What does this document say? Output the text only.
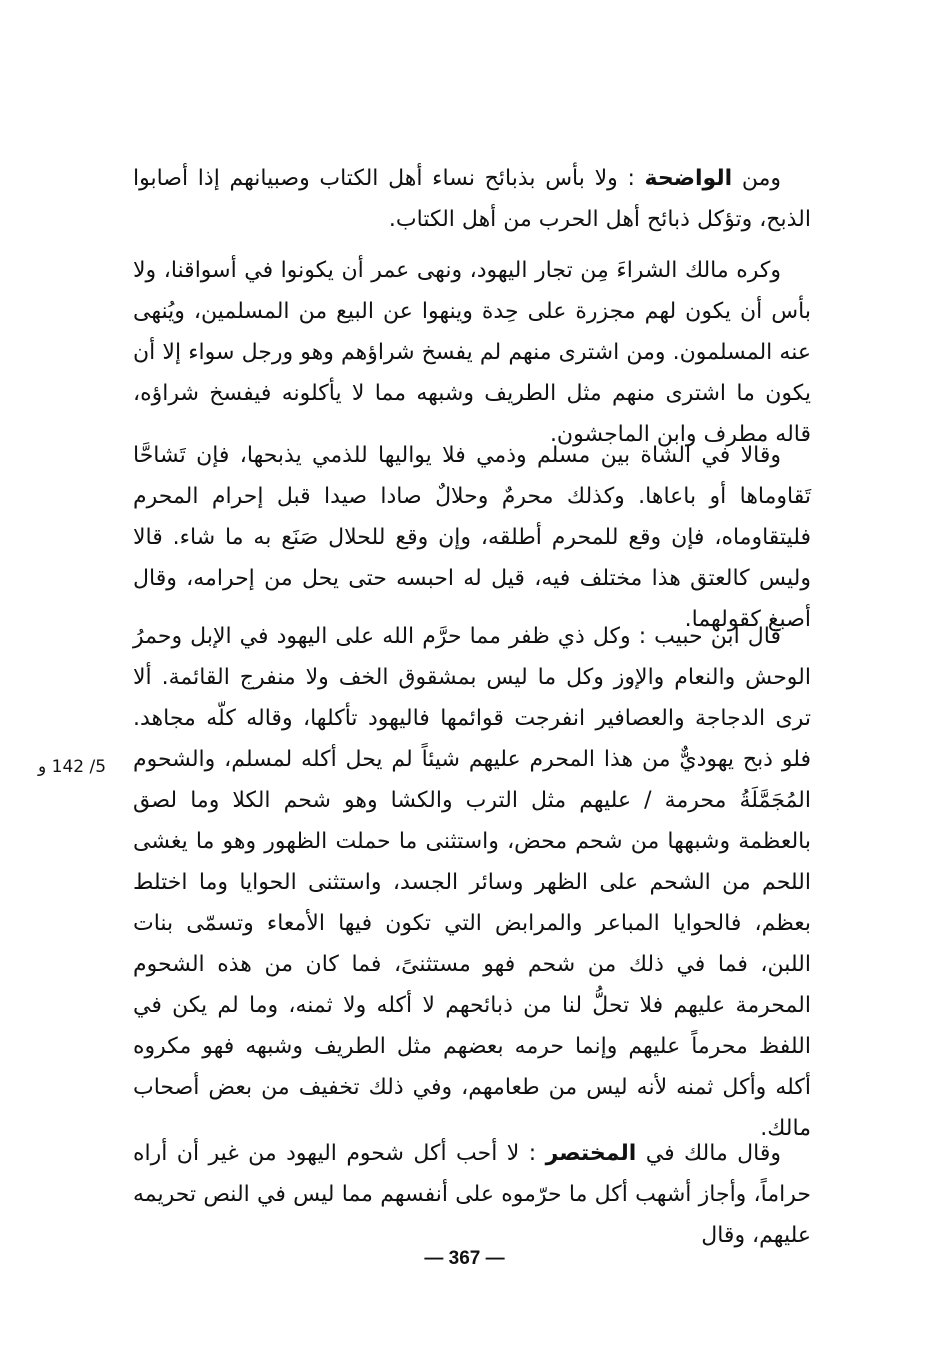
ومن الواضحة : ولا بأس بذبائح نساء أهل الكتاب وصبيانهم إذا أصابوا الذبح، وتؤكل ذبائح أهل الحرب من أهل الكتاب.

وكره مالك الشراءَ مِن تجار اليهود، ونهى عمر أن يكونوا في أسواقنا، ولا بأس أن يكون لهم مجزرة على حِدة وينهوا عن البيع من المسلمين، ويُنهى عنه المسلمون. ومن اشترى منهم لم يفسخ شراؤهم وهو ورجل سواء إلا أن يكون ما اشترى منهم مثل الطريف وشبهه مما لا يأكلونه فيفسخ شراؤه، قاله مطرف وابن الماجشون.

وقالا في الشاة بين مسلم وذمي فلا يواليها للذمي يذبحها، فإن تَشاحَّا تَقاوماها أو باعاها. وكذلك محرمٌ وحلالٌ صادا صيدا قبل إحرام المحرم فليتقاوماه، فإن وقع للمحرم أطلقه، وإن وقع للحلال صَنَع به ما شاء. قالا وليس كالعتق هذا مختلف فيه، قيل له احبسه حتى يحل من إحرامه، وقال أصبغ كقولهما.

قال ابن حبيب : وكل ذي ظفر مما حرَّم الله على اليهود في الإبل وحمرُ الوحش والنعام والإوز وكل ما ليس بمشقوق الخف ولا منفرج القائمة. ألا ترى الدجاجة والعصافير انفرجت قوائمها فاليهود تأكلها، وقاله كلّه مجاهد. فلو ذبح يهوديٌّ من هذا المحرم عليهم شيئاً لم يحل أكله لمسلم، والشحوم المُجَمَّلَةُ محرمة / عليهم مثل الترب والكشا وهو شحم الكلا وما لصق بالعظمة وشبهها من شحم محض، واستثنى ما حملت الظهور وهو ما يغشى اللحم من الشحم على الظهر وسائر الجسد، واستثنى الحوايا وما اختلط بعظم، فالحوايا المباعر والمرابض التي تكون فيها الأمعاء وتسمّى بنات اللبن، فما في ذلك من شحم فهو مستثنىً، فما كان من هذه الشحوم المحرمة عليهم فلا تحلُّ لنا من ذبائحهم لا أكله ولا ثمنه، وما لم يكن في اللفظ محرماً عليهم وإنما حرمه بعضهم مثل الطريف وشبهه فهو مكروه أكله وأكل ثمنه لأنه ليس من طعامهم، وفي ذلك تخفيف من بعض أصحاب مالك.

وقال مالك في المختصر : لا أحب أكل شحوم اليهود من غير أن أراه حراماً، وأجاز أشهب أكل ما حرّموه على أنفسهم مما ليس في النص تحريمه عليهم، وقال

5/ 142 و
— 367 —
